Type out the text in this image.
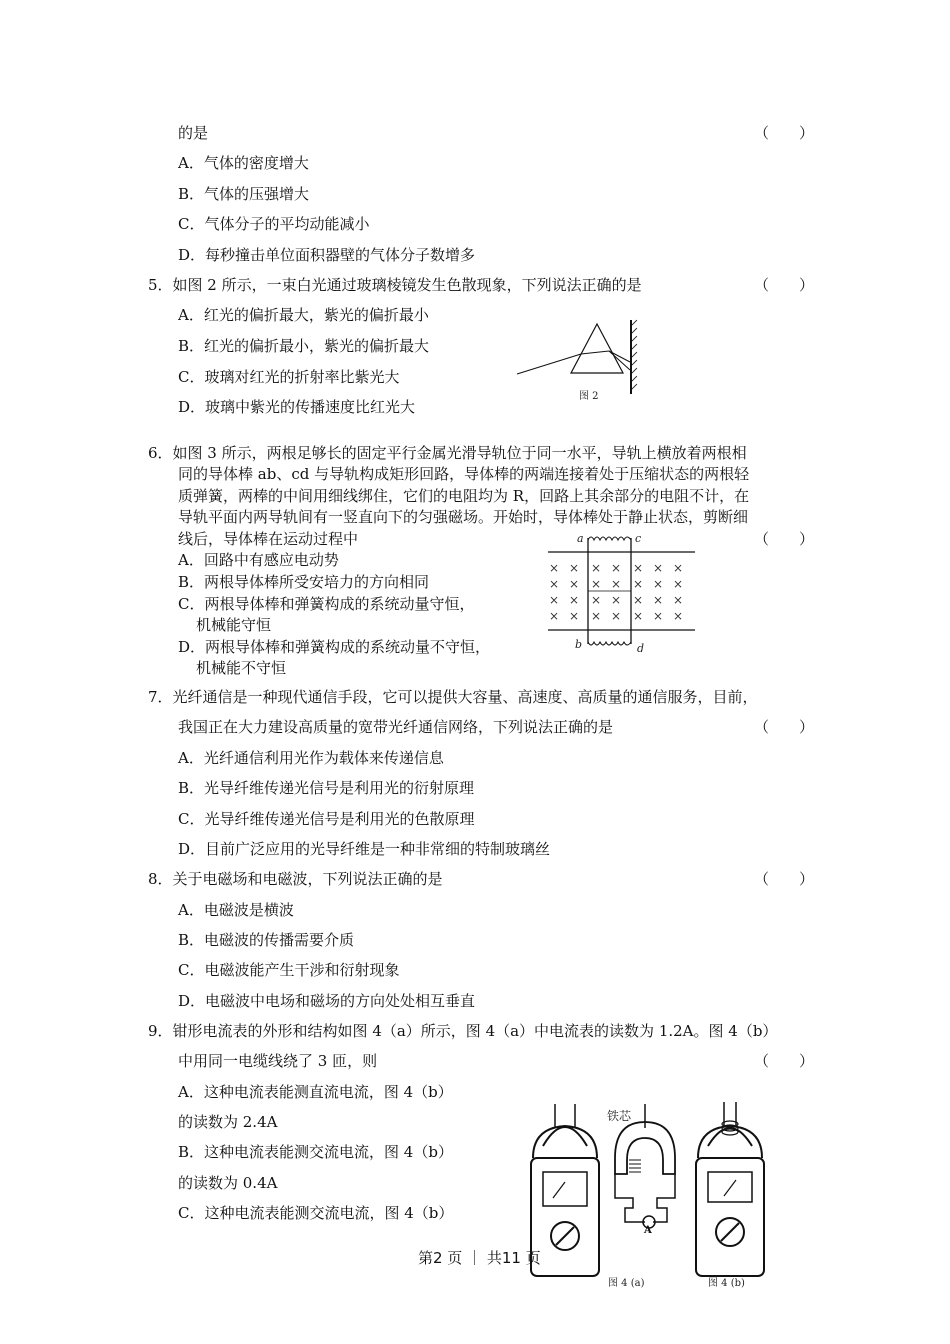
的是	（　　）
A．气体的密度增大
B．气体的压强增大
C．气体分子的平均动能减小
D．每秒撞击单位面积器壁的气体分子数增多
5．如图 2 所示，一束白光通过玻璃棱镜发生色散现象，下列说法正确的是	（　　）
A．红光的偏折最大，紫光的偏折最小
B．红光的偏折最小，紫光的偏折最大
C．玻璃对红光的折射率比紫光大
D．玻璃中紫光的传播速度比红光大
图 2
6．如图 3 所示，两根足够长的固定平行金属光滑导轨位于同一水平，导轨上横放着两根相
同的导体棒 ab、cd 与导轨构成矩形回路，导体棒的两端连接着处于压缩状态的两根轻
质弹簧，两棒的中间用细线绑住，它们的电阻均为 R，回路上其余部分的电阻不计，在
导轨平面内两导轨间有一竖直向下的匀强磁场。开始时，导体棒处于静止状态，剪断细
线后，导体棒在运动过程中	（　　）
A．回路中有感应电动势
B．两根导体棒所受安培力的方向相同
C．两根导体棒和弹簧构成的系统动量守恒，
机械能守恒
D．两根导体棒和弹簧构成的系统动量不守恒，
机械能不守恒
a	c
b	d
× × × × × × ×
× × × × × × ×
× × × × × × ×
× × × × × × ×
7．光纤通信是一种现代通信手段，它可以提供大容量、高速度、高质量的通信服务，目前，
我国正在大力建设高质量的宽带光纤通信网络，下列说法正确的是	（　　）
A．光纤通信利用光作为载体来传递信息
B．光导纤维传递光信号是利用光的衍射原理
C．光导纤维传递光信号是利用光的色散原理
D．目前广泛应用的光导纤维是一种非常细的特制玻璃丝
8．关于电磁场和电磁波，下列说法正确的是	（　　）
A．电磁波是横波
B．电磁波的传播需要介质
C．电磁波能产生干涉和衍射现象
D．电磁波中电场和磁场的方向处处相互垂直
9．钳形电流表的外形和结构如图 4（a）所示，图 4（a）中电流表的读数为 1.2A。图 4（b）
中用同一电缆线绕了 3 匝，则	（　　）
A．这种电流表能测直流电流，图 4（b）
的读数为 2.4A
B．这种电流表能测交流电流，图 4（b）
的读数为 0.4A
C．这种电流表能测交流电流，图 4（b）
铁芯
A
图 4 (a)	图 4 (b)
第2 页 ｜ 共11 页
